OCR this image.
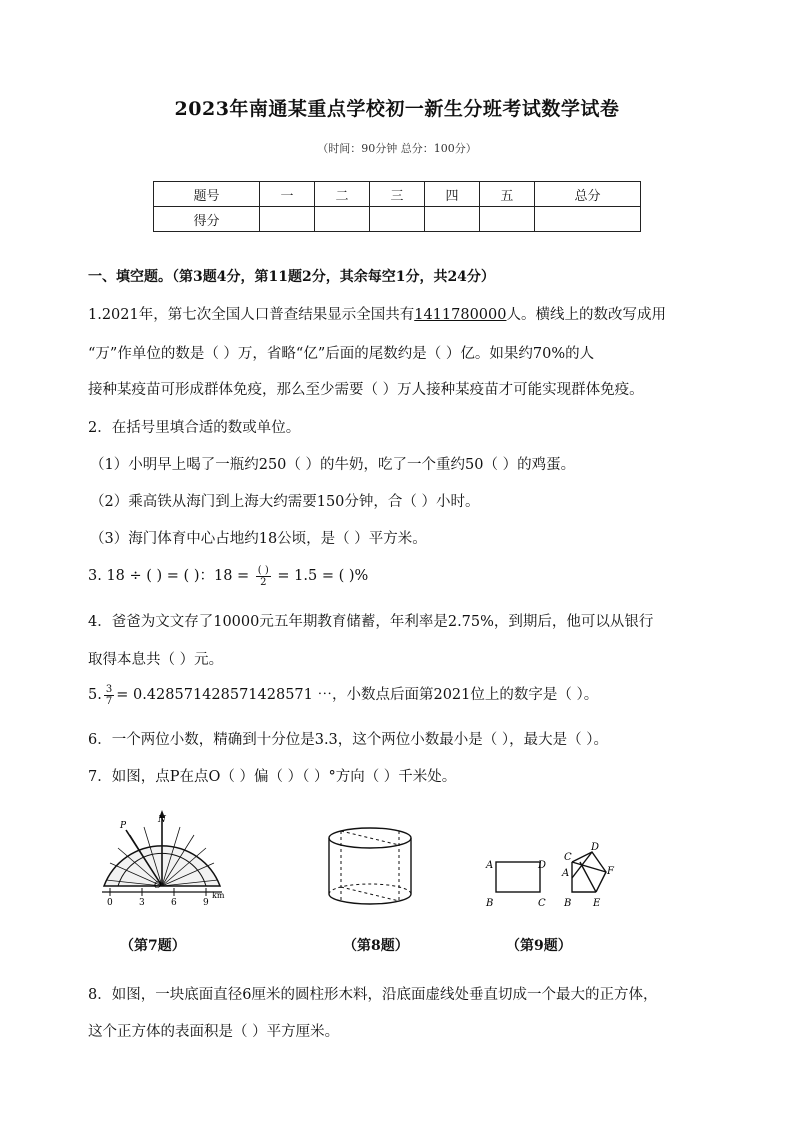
2023年南通某重点学校初一新生分班考试数学试卷
（时间：90分钟 总分：100分）
题号	一	二	三	四	五	总分
得分						
一、填空题。（第3题4分，第11题2分，其余每空1分，共24分）
1.2021年，第七次全国人口普查结果显示全国共有1411780000人。横线上的数改写成用
“万”作单位的数是（ ）万，省略“亿”后面的尾数约是（ ）亿。如果约70%的人
接种某疫苗可形成群体免疫，那么至少需要（ ）万人接种某疫苗才可能实现群体免疫。
2．在括号里填合适的数或单位。
（1）小明早上喝了一瓶约250（ ）的牛奶，吃了一个重约50（ ）的鸡蛋。
（2）乘高铁从海门到上海大约需要150分钟，合（ ）小时。
（3）海门体育中心占地约18公顷，是（ ）平方米。
3. 18 ÷ ( ) = ( )：$18 = \frac{( )}{2} = 1.5$ = ( )%
4．爸爸为文文存了10000元五年期教育储蓄，年利率是2.75%，到期后，他可以从银行
取得本息共（ ）元。
5. $\frac{3}{7} = 0.428571428571428571$ ⋯，小数点后面第2021位上的数字是（ ）。
6．一个两位小数，精确到十分位是3.3，这个两位小数最小是（ ），最大是（ ）。
7．如图，点P在点O（ ）偏（ ）（ ）°方向（ ）千米处。
P
N
O
0	3	6	9
km
A	D
B	C
C
D
A	F
B E
（第7题）	（第8题）	（第9题）
8．如图，一块底面直径6厘米的圆柱形木料，沿底面虚线处垂直切成一个最大的正方体，
这个正方体的表面积是（ ）平方厘米。
